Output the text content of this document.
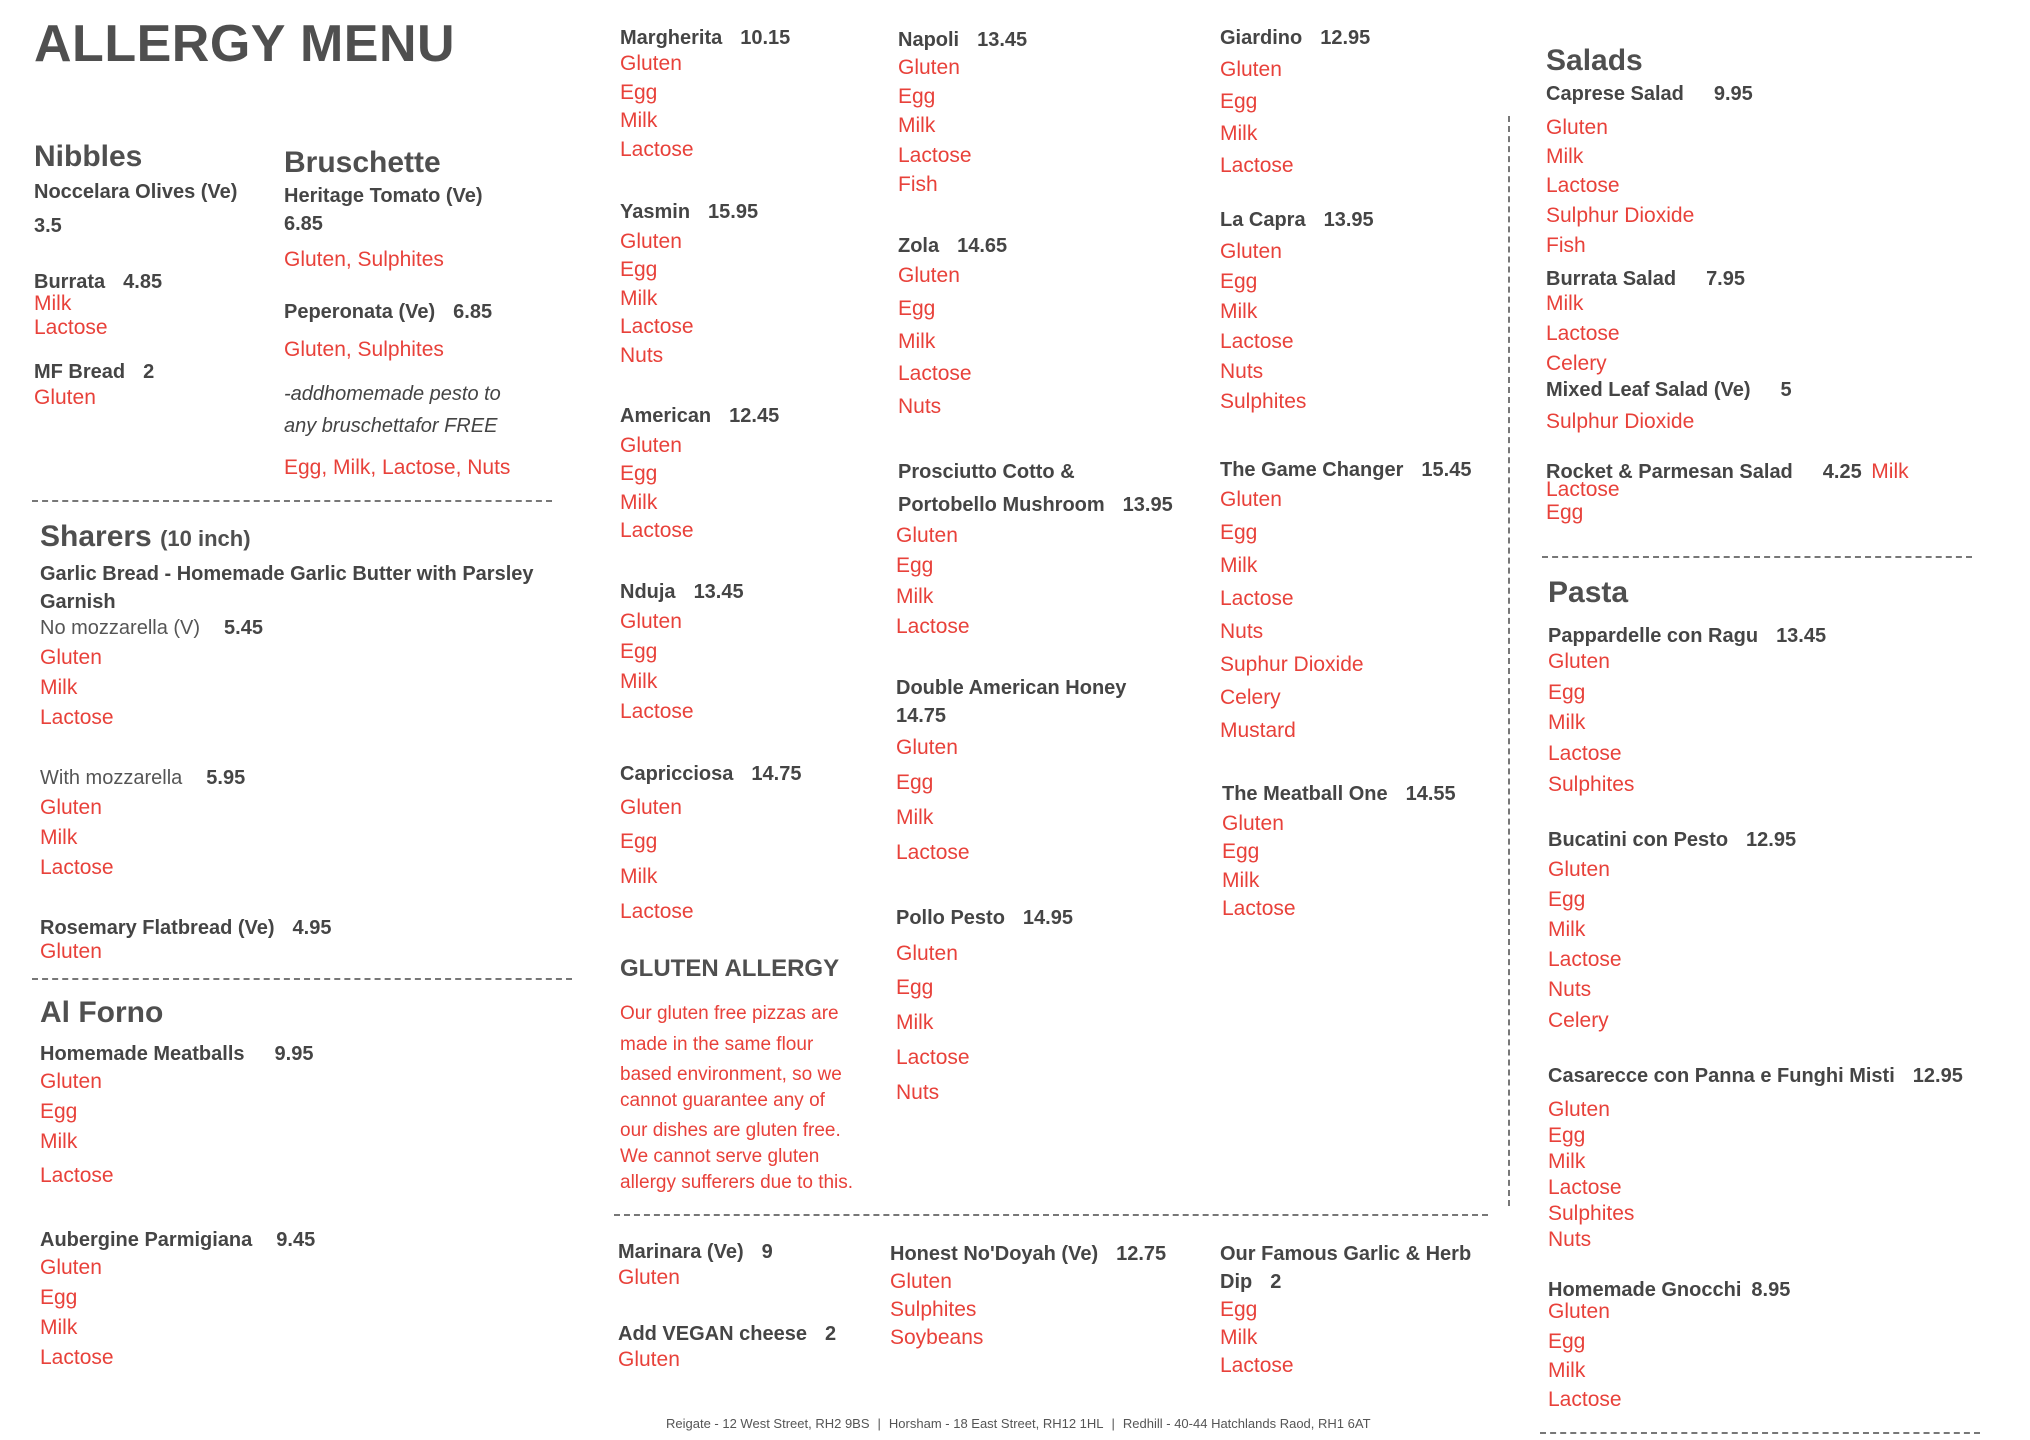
ALLERGY MENU
Nibbles
Noccelara Olives (Ve)
3.5
Burrata 4.85
Milk
Lactose
MF Bread 2
Gluten
Bruschette
Heritage Tomato (Ve)
6.85
Gluten, Sulphites
Peperonata (Ve) 6.85
Gluten, Sulphites
-addhomemade pesto to
any bruschettafor FREE
Egg, Milk, Lactose, Nuts
Sharers (10 inch)
Garlic Bread - Homemade Garlic Butter with Parsley
Garnish
No mozzarella (V) 5.45
Gluten
Milk
Lactose
With mozzarella 5.95
Gluten
Milk
Lactose
Rosemary Flatbread (Ve) 4.95
Gluten
Al Forno
Homemade Meatballs 9.95
Gluten
Egg
Milk
Lactose
Aubergine Parmigiana 9.45
Gluten
Egg
Milk
Lactose
Margherita 10.15
Gluten
Egg
Milk
Lactose
Yasmin 15.95
Gluten
Egg
Milk
Lactose
Nuts
American 12.45
Gluten
Egg
Milk
Lactose
Nduja 13.45
Gluten
Egg
Milk
Lactose
Capricciosa 14.75
Gluten
Egg
Milk
Lactose
GLUTEN ALLERGY
Our gluten free pizzas are
made in the same flour
based environment, so we
cannot guarantee any of
our dishes are gluten free.
We cannot serve gluten
allergy sufferers due to this.
Napoli 13.45
Gluten
Egg
Milk
Lactose
Fish
Zola 14.65
Gluten
Egg
Milk
Lactose
Nuts
Prosciutto Cotto &
Portobello Mushroom 13.95
Gluten
Egg
Milk
Lactose
Double American Honey
14.75
Gluten
Egg
Milk
Lactose
Pollo Pesto 14.95
Gluten
Egg
Milk
Lactose
Nuts
Giardino 12.95
Gluten
Egg
Milk
Lactose
La Capra 13.95
Gluten
Egg
Milk
Lactose
Nuts
Sulphites
The Game Changer 15.45
Gluten
Egg
Milk
Lactose
Nuts
Suphur Dioxide
Celery
Mustard
The Meatball One 14.55
Gluten
Egg
Milk
Lactose
Marinara (Ve) 9
Gluten
Add VEGAN cheese 2
Gluten
Honest No'Doyah (Ve) 12.75
Gluten
Sulphites
Soybeans
Our Famous Garlic & Herb
Dip 2
Egg
Milk
Lactose
Salads
Caprese Salad 9.95
Gluten
Milk
Lactose
Sulphur Dioxide
Fish
Burrata Salad 7.95
Milk
Lactose
Celery
Mixed Leaf Salad (Ve) 5
Sulphur Dioxide
Rocket & Parmesan Salad 4.25 Milk
Lactose
Egg
Pasta
Pappardelle con Ragu 13.45
Gluten
Egg
Milk
Lactose
Sulphites
Bucatini con Pesto 12.95
Gluten
Egg
Milk
Lactose
Nuts
Celery
Casarecce con Panna e Funghi Misti 12.95
Gluten
Egg
Milk
Lactose
Sulphites
Nuts
Homemade Gnocchi 8.95
Gluten
Egg
Milk
Lactose
Reigate - 12 West Street, RH2 9BS | Horsham - 18 East Street, RH12 1HL | Redhill - 40-44 Hatchlands Raod, RH1 6AT
